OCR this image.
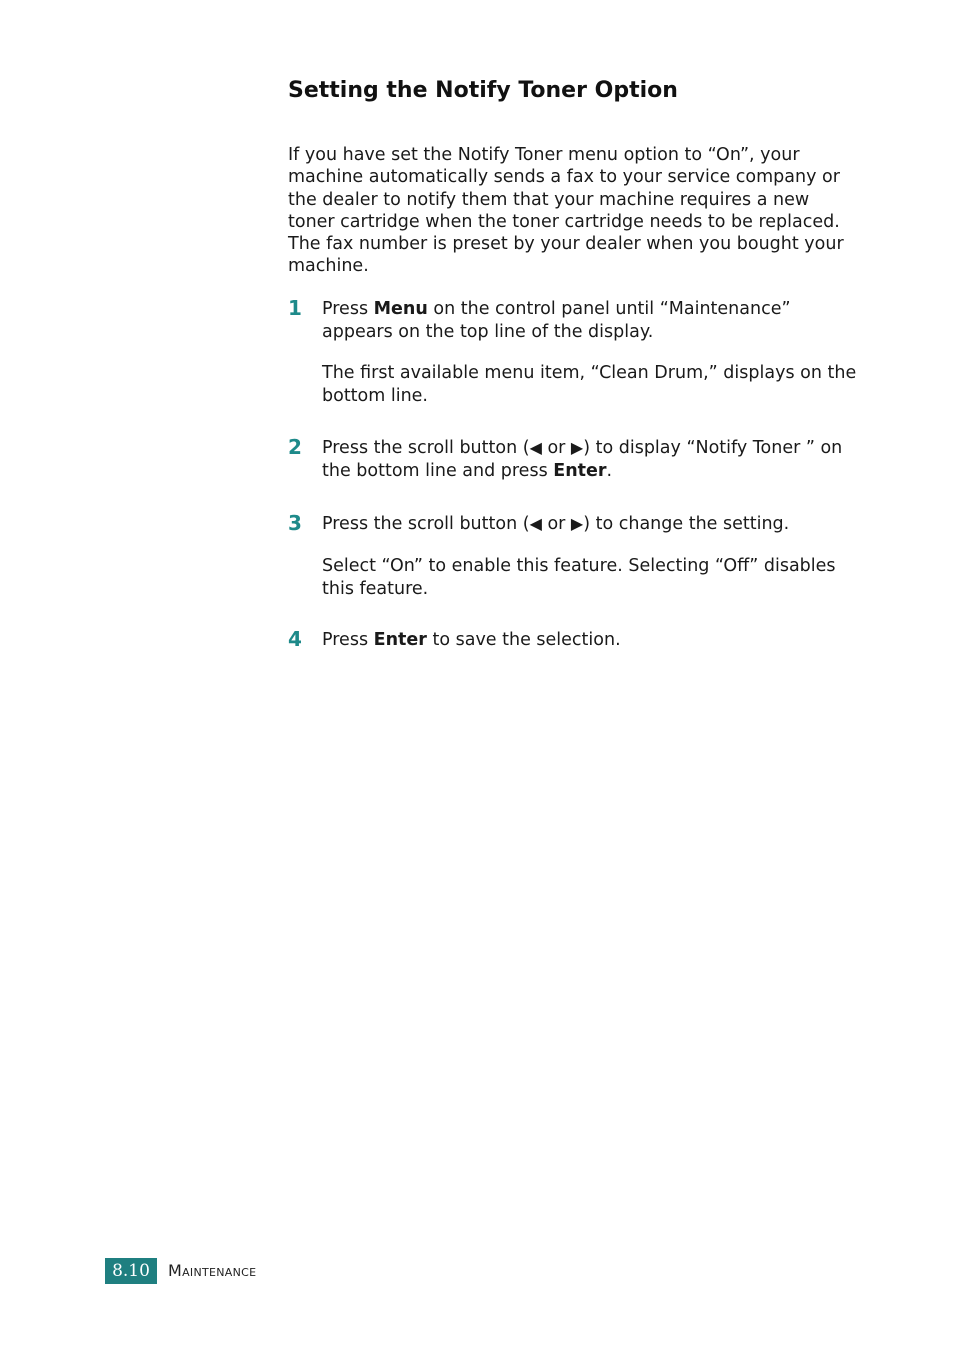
Setting the Notify Toner Option

If you have set the Notify Toner menu option to “On”, your machine automatically sends a fax to your service company or the dealer to notify them that your machine requires a new toner cartridge when the toner cartridge needs to be replaced. The fax number is preset by your dealer when you bought your machine.

1 Press Menu on the control panel until “Maintenance” appears on the top line of the display.

The first available menu item, “Clean Drum,” displays on the bottom line.

2 Press the scroll button (◀ or ▶) to display “Notify Toner ” on the bottom line and press Enter.

3 Press the scroll button (◀ or ▶) to change the setting.

Select “On” to enable this feature. Selecting “Off” disables this feature.

4 Press Enter to save the selection.

8.10	Maintenance
